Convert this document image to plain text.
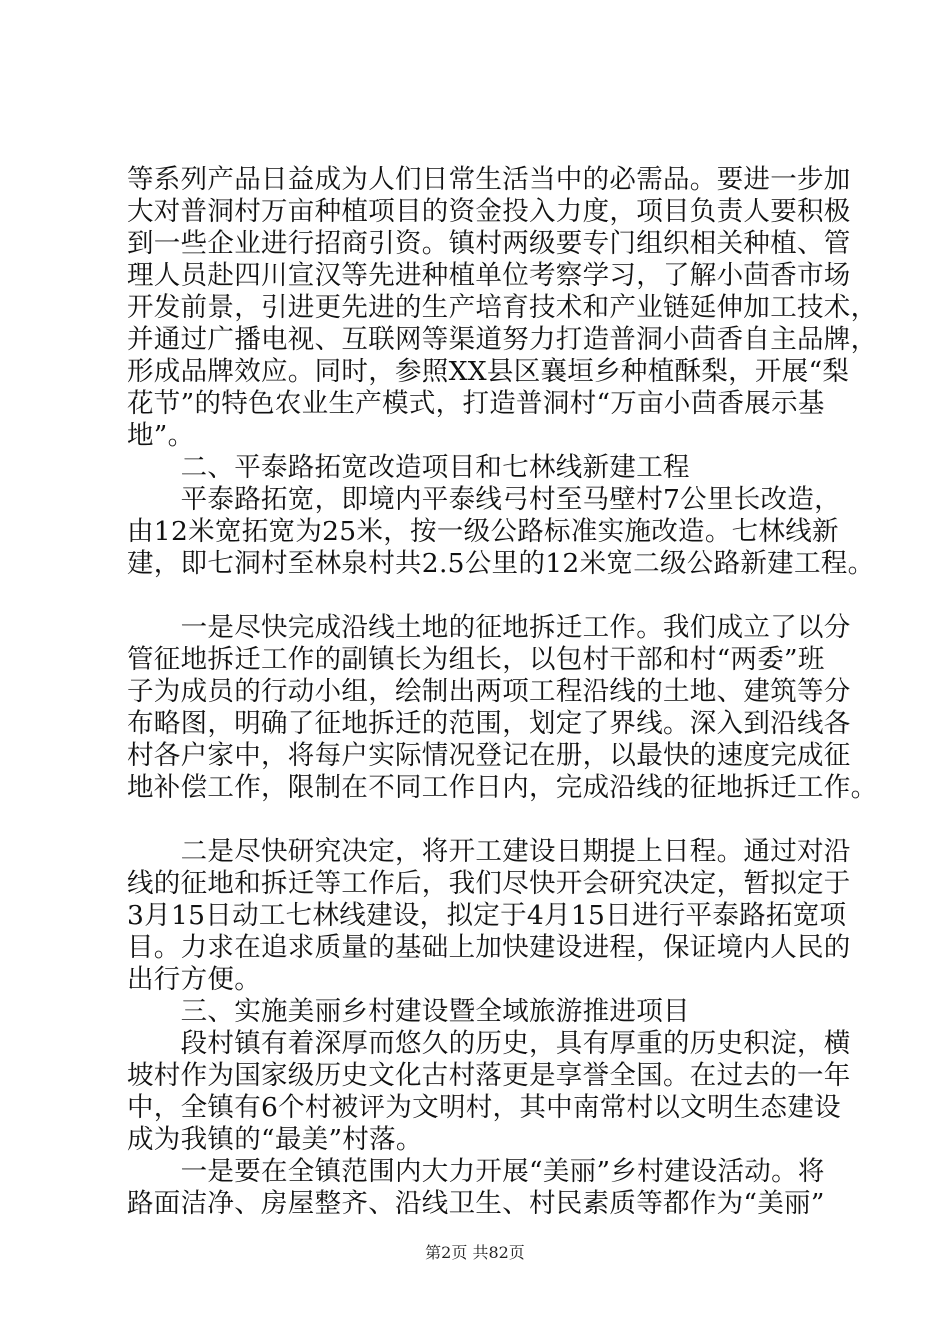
等系列产品日益成为人们日常生活当中的必需品。要进一步加
大对普洞村万亩种植项目的资金投入力度，项目负责人要积极
到一些企业进行招商引资。镇村两级要专门组织相关种植、管
理人员赴四川宣汉等先进种植单位考察学习，了解小茴香市场
开发前景，引进更先进的生产培育技术和产业链延伸加工技术，
并通过广播电视、互联网等渠道努力打造普洞小茴香自主品牌，
形成品牌效应。同时，参照XX县区襄垣乡种植酥梨，开展“梨
花节”的特色农业生产模式，打造普洞村“万亩小茴香展示基
地”。
　　二、平泰路拓宽改造项目和七林线新建工程
　　平泰路拓宽，即境内平泰线弓村至马壁村7公里长改造，
由12米宽拓宽为25米，按一级公路标准实施改造。七林线新
建，即七洞村至林泉村共2.5公里的12米宽二级公路新建工程。
　　一是尽快完成沿线土地的征地拆迁工作。我们成立了以分
管征地拆迁工作的副镇长为组长，以包村干部和村“两委”班
子为成员的行动小组，绘制出两项工程沿线的土地、建筑等分
布略图，明确了征地拆迁的范围，划定了界线。深入到沿线各
村各户家中，将每户实际情况登记在册，以最快的速度完成征
地补偿工作，限制在不同工作日内，完成沿线的征地拆迁工作。
　　二是尽快研究决定，将开工建设日期提上日程。通过对沿
线的征地和拆迁等工作后，我们尽快开会研究决定，暂拟定于
3月15日动工七林线建设，拟定于4月15日进行平泰路拓宽项
目。力求在追求质量的基础上加快建设进程，保证境内人民的
出行方便。
　　三、实施美丽乡村建设暨全域旅游推进项目
　　段村镇有着深厚而悠久的历史，具有厚重的历史积淀，横
坡村作为国家级历史文化古村落更是享誉全国。在过去的一年
中，全镇有6个村被评为文明村，其中南常村以文明生态建设
成为我镇的“最美”村落。
　　一是要在全镇范围内大力开展“美丽”乡村建设活动。将
路面洁净、房屋整齐、沿线卫生、村民素质等都作为“美丽”
第2页 共82页
